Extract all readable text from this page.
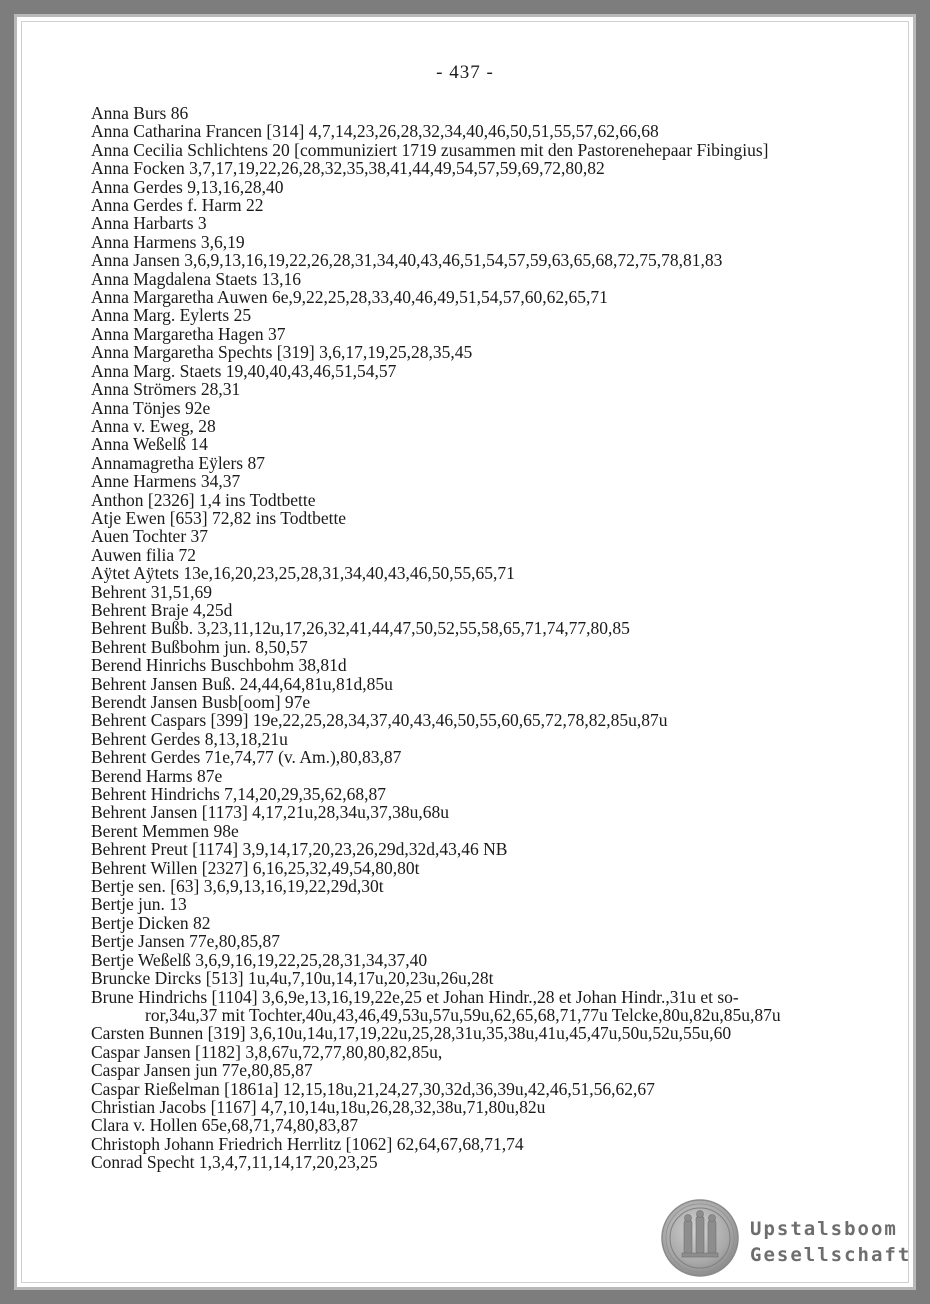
- 437 -
Anna Burs 86
Anna Catharina Francen [314] 4,7,14,23,26,28,32,34,40,46,50,51,55,57,62,66,68
Anna Cecilia Schlichtens 20 [communiziert 1719 zusammen mit den Pastorenehepaar Fibingius]
Anna Focken 3,7,17,19,22,26,28,32,35,38,41,44,49,54,57,59,69,72,80,82
Anna Gerdes 9,13,16,28,40
Anna Gerdes f. Harm 22
Anna Harbarts 3
Anna Harmens 3,6,19
Anna Jansen 3,6,9,13,16,19,22,26,28,31,34,40,43,46,51,54,57,59,63,65,68,72,75,78,81,83
Anna Magdalena Staets 13,16
Anna Margaretha Auwen 6e,9,22,25,28,33,40,46,49,51,54,57,60,62,65,71
Anna Marg. Eylerts 25
Anna Margaretha Hagen 37
Anna Margaretha Spechts [319] 3,6,17,19,25,28,35,45
Anna Marg. Staets 19,40,40,43,46,51,54,57
Anna Strömers 28,31
Anna Tönjes 92e
Anna v. Eweg, 28
Anna Weßelß 14
Annamagretha Eÿlers 87
Anne Harmens 34,37
Anthon [2326] 1,4 ins Todtbette
Atje Ewen [653] 72,82 ins Todtbette
Auen Tochter 37
Auwen filia 72
Aÿtet Aÿtets 13e,16,20,23,25,28,31,34,40,43,46,50,55,65,71
Behrent 31,51,69
Behrent Braje 4,25d
Behrent Bußb. 3,23,11,12u,17,26,32,41,44,47,50,52,55,58,65,71,74,77,80,85
Behrent Bußbohm jun. 8,50,57
Berend Hinrichs Buschbohm 38,81d
Behrent Jansen Buß. 24,44,64,81u,81d,85u
Berendt Jansen Busb[oom] 97e
Behrent Caspars [399] 19e,22,25,28,34,37,40,43,46,50,55,60,65,72,78,82,85u,87u
Behrent Gerdes 8,13,18,21u
Behrent Gerdes 71e,74,77 (v. Am.),80,83,87
Berend Harms 87e
Behrent Hindrichs 7,14,20,29,35,62,68,87
Behrent Jansen [1173] 4,17,21u,28,34u,37,38u,68u
Berent Memmen 98e
Behrent Preut [1174] 3,9,14,17,20,23,26,29d,32d,43,46 NB
Behrent Willen [2327] 6,16,25,32,49,54,80,80t
Bertje sen. [63] 3,6,9,13,16,19,22,29d,30t
Bertje jun. 13
Bertje Dicken 82
Bertje Jansen 77e,80,85,87
Bertje Weßelß 3,6,9,16,19,22,25,28,31,34,37,40
Bruncke Dircks [513] 1u,4u,7,10u,14,17u,20,23u,26u,28t
Brune Hindrichs [1104] 3,6,9e,13,16,19,22e,25 et Johan Hindr.,28 et Johan Hindr.,31u et so-
ror,34u,37 mit Tochter,40u,43,46,49,53u,57u,59u,62,65,68,71,77u Telcke,80u,82u,85u,87u
Carsten Bunnen [319] 3,6,10u,14u,17,19,22u,25,28,31u,35,38u,41u,45,47u,50u,52u,55u,60
Caspar Jansen [1182] 3,8,67u,72,77,80,80,82,85u,
Caspar Jansen jun 77e,80,85,87
Caspar Rießelman [1861a] 12,15,18u,21,24,27,30,32d,36,39u,42,46,51,56,62,67
Christian Jacobs [1167] 4,7,10,14u,18u,26,28,32,38u,71,80u,82u
Clara v. Hollen 65e,68,71,74,80,83,87
Christoph Johann Friedrich Herrlitz [1062] 62,64,67,68,71,74
Conrad Specht 1,3,4,7,11,14,17,20,23,25
Upstalsboom
Gesellschaft
